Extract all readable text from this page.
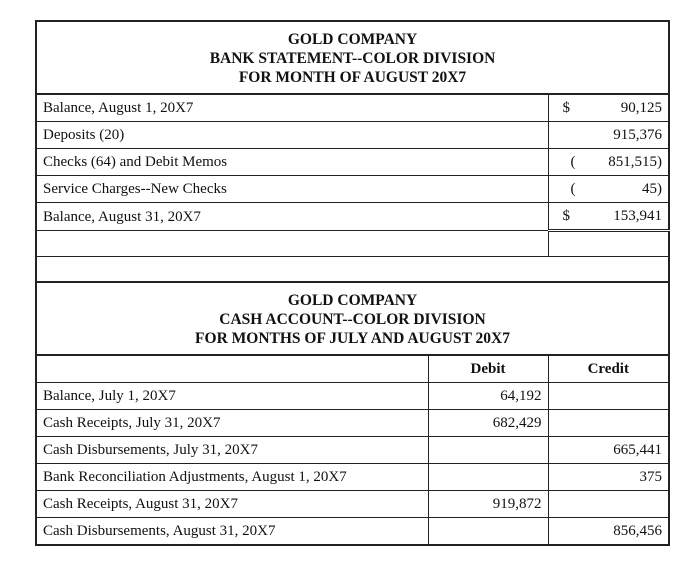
GOLD COMPANY
BANK STATEMENT--COLOR DIVISION
FOR MONTH OF AUGUST 20X7		

Balance, August 1, 20X7		$ 90,125

Deposits (20)		915,376

Checks (64) and Debit Memos		( 851,515)

Service Charges--New Checks		( 45)

Balance, August 31, 20X7		$ 153,941

GOLD COMPANY
CASH ACCOUNT--COLOR DIVISION
FOR MONTHS OF JULY AND AUGUST 20X7		

	Debit	Credit
Balance, July 1, 20X7	64,192	
Cash Receipts, July 31, 20X7	682,429	
Cash Disbursements, July 31, 20X7		665,441
Bank Reconciliation Adjustments, August 1, 20X7		375
Cash Receipts, August 31, 20X7	919,872	
Cash Disbursements, August 31, 20X7		856,456
